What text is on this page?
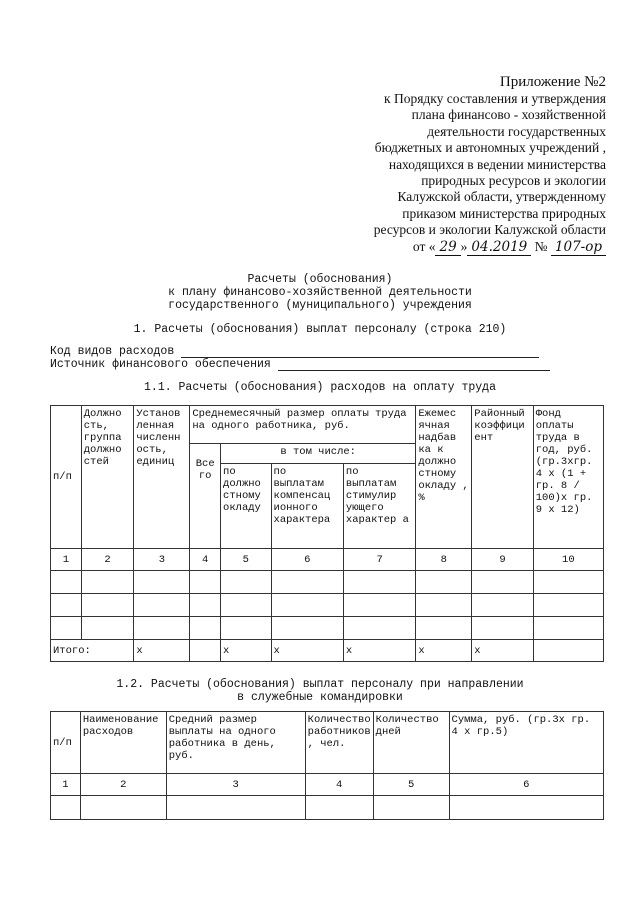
Приложение №2
к Порядку составления и утверждения
плана финансово - хозяйственной
деятельности государственных
бюджетных и автономных учреждений ,
находящихся в ведении министерства
природных ресурсов и экологии
Калужской области, утвержденному
приказом министерства природных
ресурсов и экологии Калужской области
от « 29 » 04.2019 № 107-ор
Расчеты (обоснования)
к плану финансово-хозяйственной деятельности
государственного (муниципального) учреждения
1. Расчеты (обоснования) выплат персоналу (строка 210)
Код видов расходов
Источник финансового обеспечения
1.1. Расчеты (обоснования) расходов на оплату труда
п/п	Должно сть, группа должно стей	Установ ленная численн ость, единиц	Среднемесячный размер оплаты труда на одного работника, руб.				Ежемес ячная надбав ка к должно стному окладу , %	Районный коэффици ент	Фонд оплаты труда в год, руб. (гр.3хгр. 4 х (1 + гр. 8 / 100)х гр. 9 х 12)
			Все го	в том числе:					
				по должно стному окладу	по выплатам компенсац ионного характера	по выплатам стимулир ующего характер а			
1	2	3	4	5	6	7	8	9	10

Итого:		x		x	x	x	x	x	
1.2. Расчеты (обоснования) выплат персоналу при направлении
в служебные командировки
п/п	Наименование расходов	Средний размер выплаты на одного работника в день, руб.	Количество работников , чел.	Количество дней	Сумма, руб. (гр.3х гр. 4 х гр.5)
1	2	3	4	5	6
